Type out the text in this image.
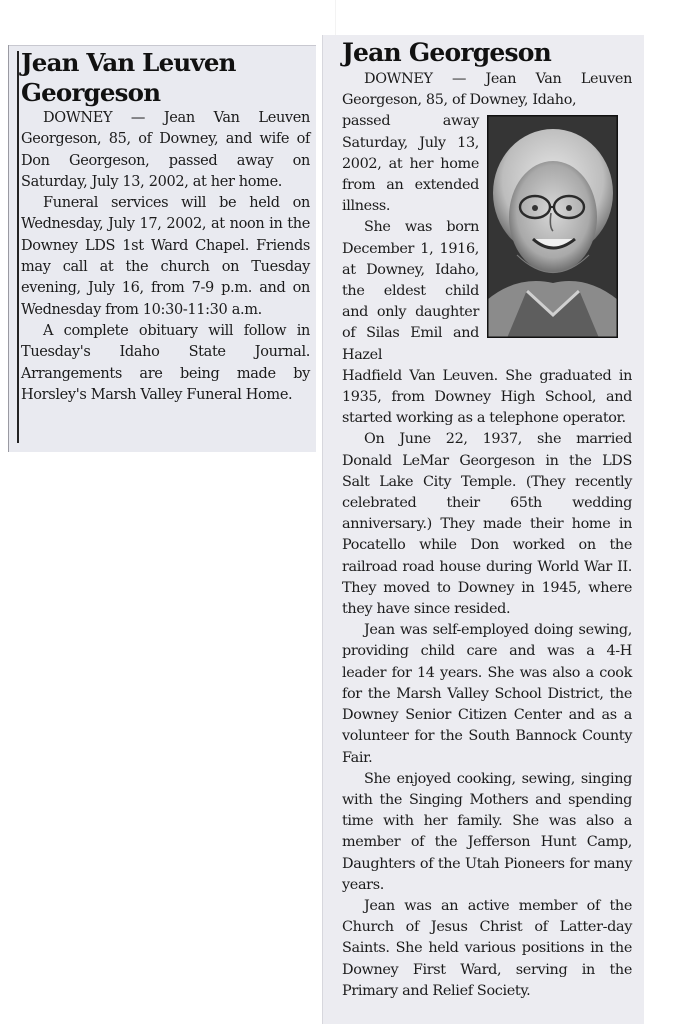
Jean Van Leuven Georgeson

DOWNEY — Jean Van Leuven Georgeson, 85, of Downey, and wife of Don Georgeson, passed away on Saturday, July 13, 2002, at her home.

Funeral services will be held on Wednesday, July 17, 2002, at noon in the Downey LDS 1st Ward Chapel. Friends may call at the church on Tuesday evening, July 16, from 7-9 p.m. and on Wednesday from 10:30-11:30 a.m.

A complete obituary will follow in Tuesday's Idaho State Journal. Arrangements are being made by Horsley's Marsh Valley Funeral Home.

Jean Georgeson

DOWNEY — Jean Van Leuven Georgeson, 85, of Downey, Idaho,

passed away Saturday, July 13, 2002, at her home from an extended illness.

She was born December 1, 1916, at Downey, Idaho, the eldest child and only daughter of Silas Emil and Hazel

Hadfield Van Leuven. She graduated in 1935, from Downey High School, and started working as a telephone operator.

On June 22, 1937, she married Donald LeMar Georgeson in the LDS Salt Lake City Temple. (They recently celebrated their 65th wedding anniversary.) They made their home in Pocatello while Don worked on the railroad road house during World War II. They moved to Downey in 1945, where they have since resided.

Jean was self-employed doing sewing, providing child care and was a 4-H leader for 14 years. She was also a cook for the Marsh Valley School District, the Downey Senior Citizen Center and as a volunteer for the South Bannock County Fair.

She enjoyed cooking, sewing, singing with the Singing Mothers and spending time with her family. She was also a member of the Jefferson Hunt Camp, Daughters of the Utah Pioneers for many years.

Jean was an active member of the Church of Jesus Christ of Latter-day Saints. She held various positions in the Downey First Ward, serving in the Primary and Relief Society.
